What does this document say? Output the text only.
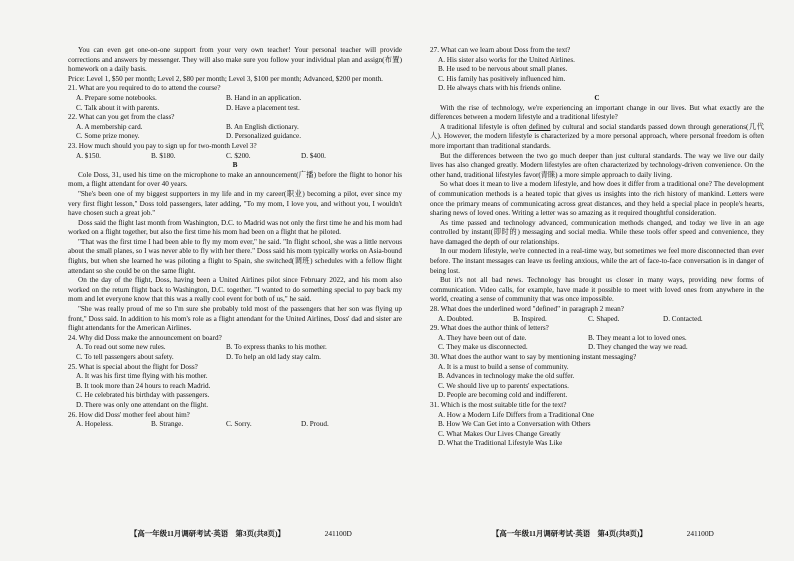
You can even get one-on-one support from your very own teacher! Your personal teacher will provide corrections and answers by messenger. They will also make sure you follow your individual plan and assign(布置) homework on a daily basis.

Price: Level 1, $50 per month; Level 2, $80 per month; Level 3, $100 per month; Advanced, $200 per month.

21. What are you required to do to attend the course?

A. Prepare some notebooks.	B. Hand in an application.
C. Talk about it with parents.	D. Have a placement test.

22. What can you get from the class?

A. A membership card.	B. An English dictionary.
C. Some prize money.	D. Personalized guidance.

23. How much should you pay to sign up for two-month Level 3?

A. $150.	B. $180.	C. $200.	D. $400.

B

Cole Doss, 31, used his time on the microphone to make an announcement(广播) before the flight to honor his mom, a flight attendant for over 40 years.

"She's been one of my biggest supporters in my life and in my career(职业) becoming a pilot, ever since my very first flight lesson," Doss told passengers, later adding, "To my mom, I love you, and without you, I wouldn't have chosen such a great job."

Doss said the flight last month from Washington, D.C. to Madrid was not only the first time he and his mom had worked on a flight together, but also the first time his mom had been on a flight that he piloted.

"That was the first time I had been able to fly my mom ever," he said. "In flight school, she was a little nervous about the small planes, so I was never able to fly with her there." Doss said his mom typically works on Asia-bound flights, but when she learned he was piloting a flight to Spain, she switched(调班) schedules with a fellow flight attendant so she could be on the same flight.

On the day of the flight, Doss, having been a United Airlines pilot since February 2022, and his mom also worked on the return flight back to Washington, D.C. together. "I wanted to do something special to pay back my mom and let everyone know that this was a really cool event for both of us," he said.

"She was really proud of me so I'm sure she probably told most of the passengers that her son was flying up front," Doss said. In addition to his mom's role as a flight attendant for the United Airlines, Doss' dad and sister are flight attendants for the American Airlines.

24. Why did Doss make the announcement on board?

A. To read out some new rules.	B. To express thanks to his mother.
C. To tell passengers about safety.	D. To help an old lady stay calm.

25. What is special about the flight for Doss?

A. It was his first time flying with his mother.

B. It took more than 24 hours to reach Madrid.

C. He celebrated his birthday with passengers.

D. There was only one attendant on the flight.

26. How did Doss' mother feel about him?

A. Hopeless.	B. Strange.	C. Sorry.	D. Proud.
【高一年级11月调研考试·英语　第3页(共8页)】	241100D

27. What can we learn about Doss from the text?

A. His sister also works for the United Airlines.

B. He used to be nervous about small planes.

C. His family has positively influenced him.

D. He always chats with his friends online.

C

With the rise of technology, we're experiencing an important change in our lives. But what exactly are the differences between a modern lifestyle and a traditional lifestyle?

A traditional lifestyle is often defined by cultural and social standards passed down through generations(几代人). However, the modern lifestyle is characterized by a more personal approach, where personal freedom is often more important than traditional standards.

But the differences between the two go much deeper than just cultural standards. The way we live our daily lives has also changed greatly. Modern lifestyles are often characterized by technology-driven convenience. On the other hand, traditional lifestyles favor(青睐) a more simple approach to daily living.

So what does it mean to live a modern lifestyle, and how does it differ from a traditional one? The development of communication methods is a heated topic that gives us insights into the rich history of mankind. Letters were once the primary means of communicating across great distances, and they held a special place in people's hearts, sharing news of loved ones. Writing a letter was so amazing as it required thoughtful consideration.

As time passed and technology advanced, communication methods changed, and today we live in an age controlled by instant(即时的) messaging and social media. While these tools offer speed and convenience, they have damaged the depth of our relationships.

In our modern lifestyle, we're connected in a real-time way, but sometimes we feel more disconnected than ever before. The instant messages can leave us feeling anxious, while the art of face-to-face conversation is in danger of being lost.

But it's not all bad news. Technology has brought us closer in many ways, providing new forms of communication. Video calls, for example, have made it possible to meet with loved ones from anywhere in the world, creating a sense of community that was once impossible.

28. What does the underlined word "defined" in paragraph 2 mean?

A. Doubted.	B. Inspired.	C. Shaped.	D. Contacted.

29. What does the author think of letters?

A. They have been out of date.	B. They meant a lot to loved ones.
C. They make us disconnected.	D. They changed the way we read.

30. What does the author want to say by mentioning instant messaging?

A. It is a must to build a sense of community.

B. Advances in technology make the old suffer.

C. We should live up to parents' expectations.

D. People are becoming cold and indifferent.

31. Which is the most suitable title for the text?

A. How a Modern Life Differs from a Traditional One

B. How We Can Get into a Conversation with Others

C. What Makes Our Lives Change Greatly

D. What the Traditional Lifestyle Was Like

【高一年级11月调研考试·英语　第4页(共8页)】	241100D
